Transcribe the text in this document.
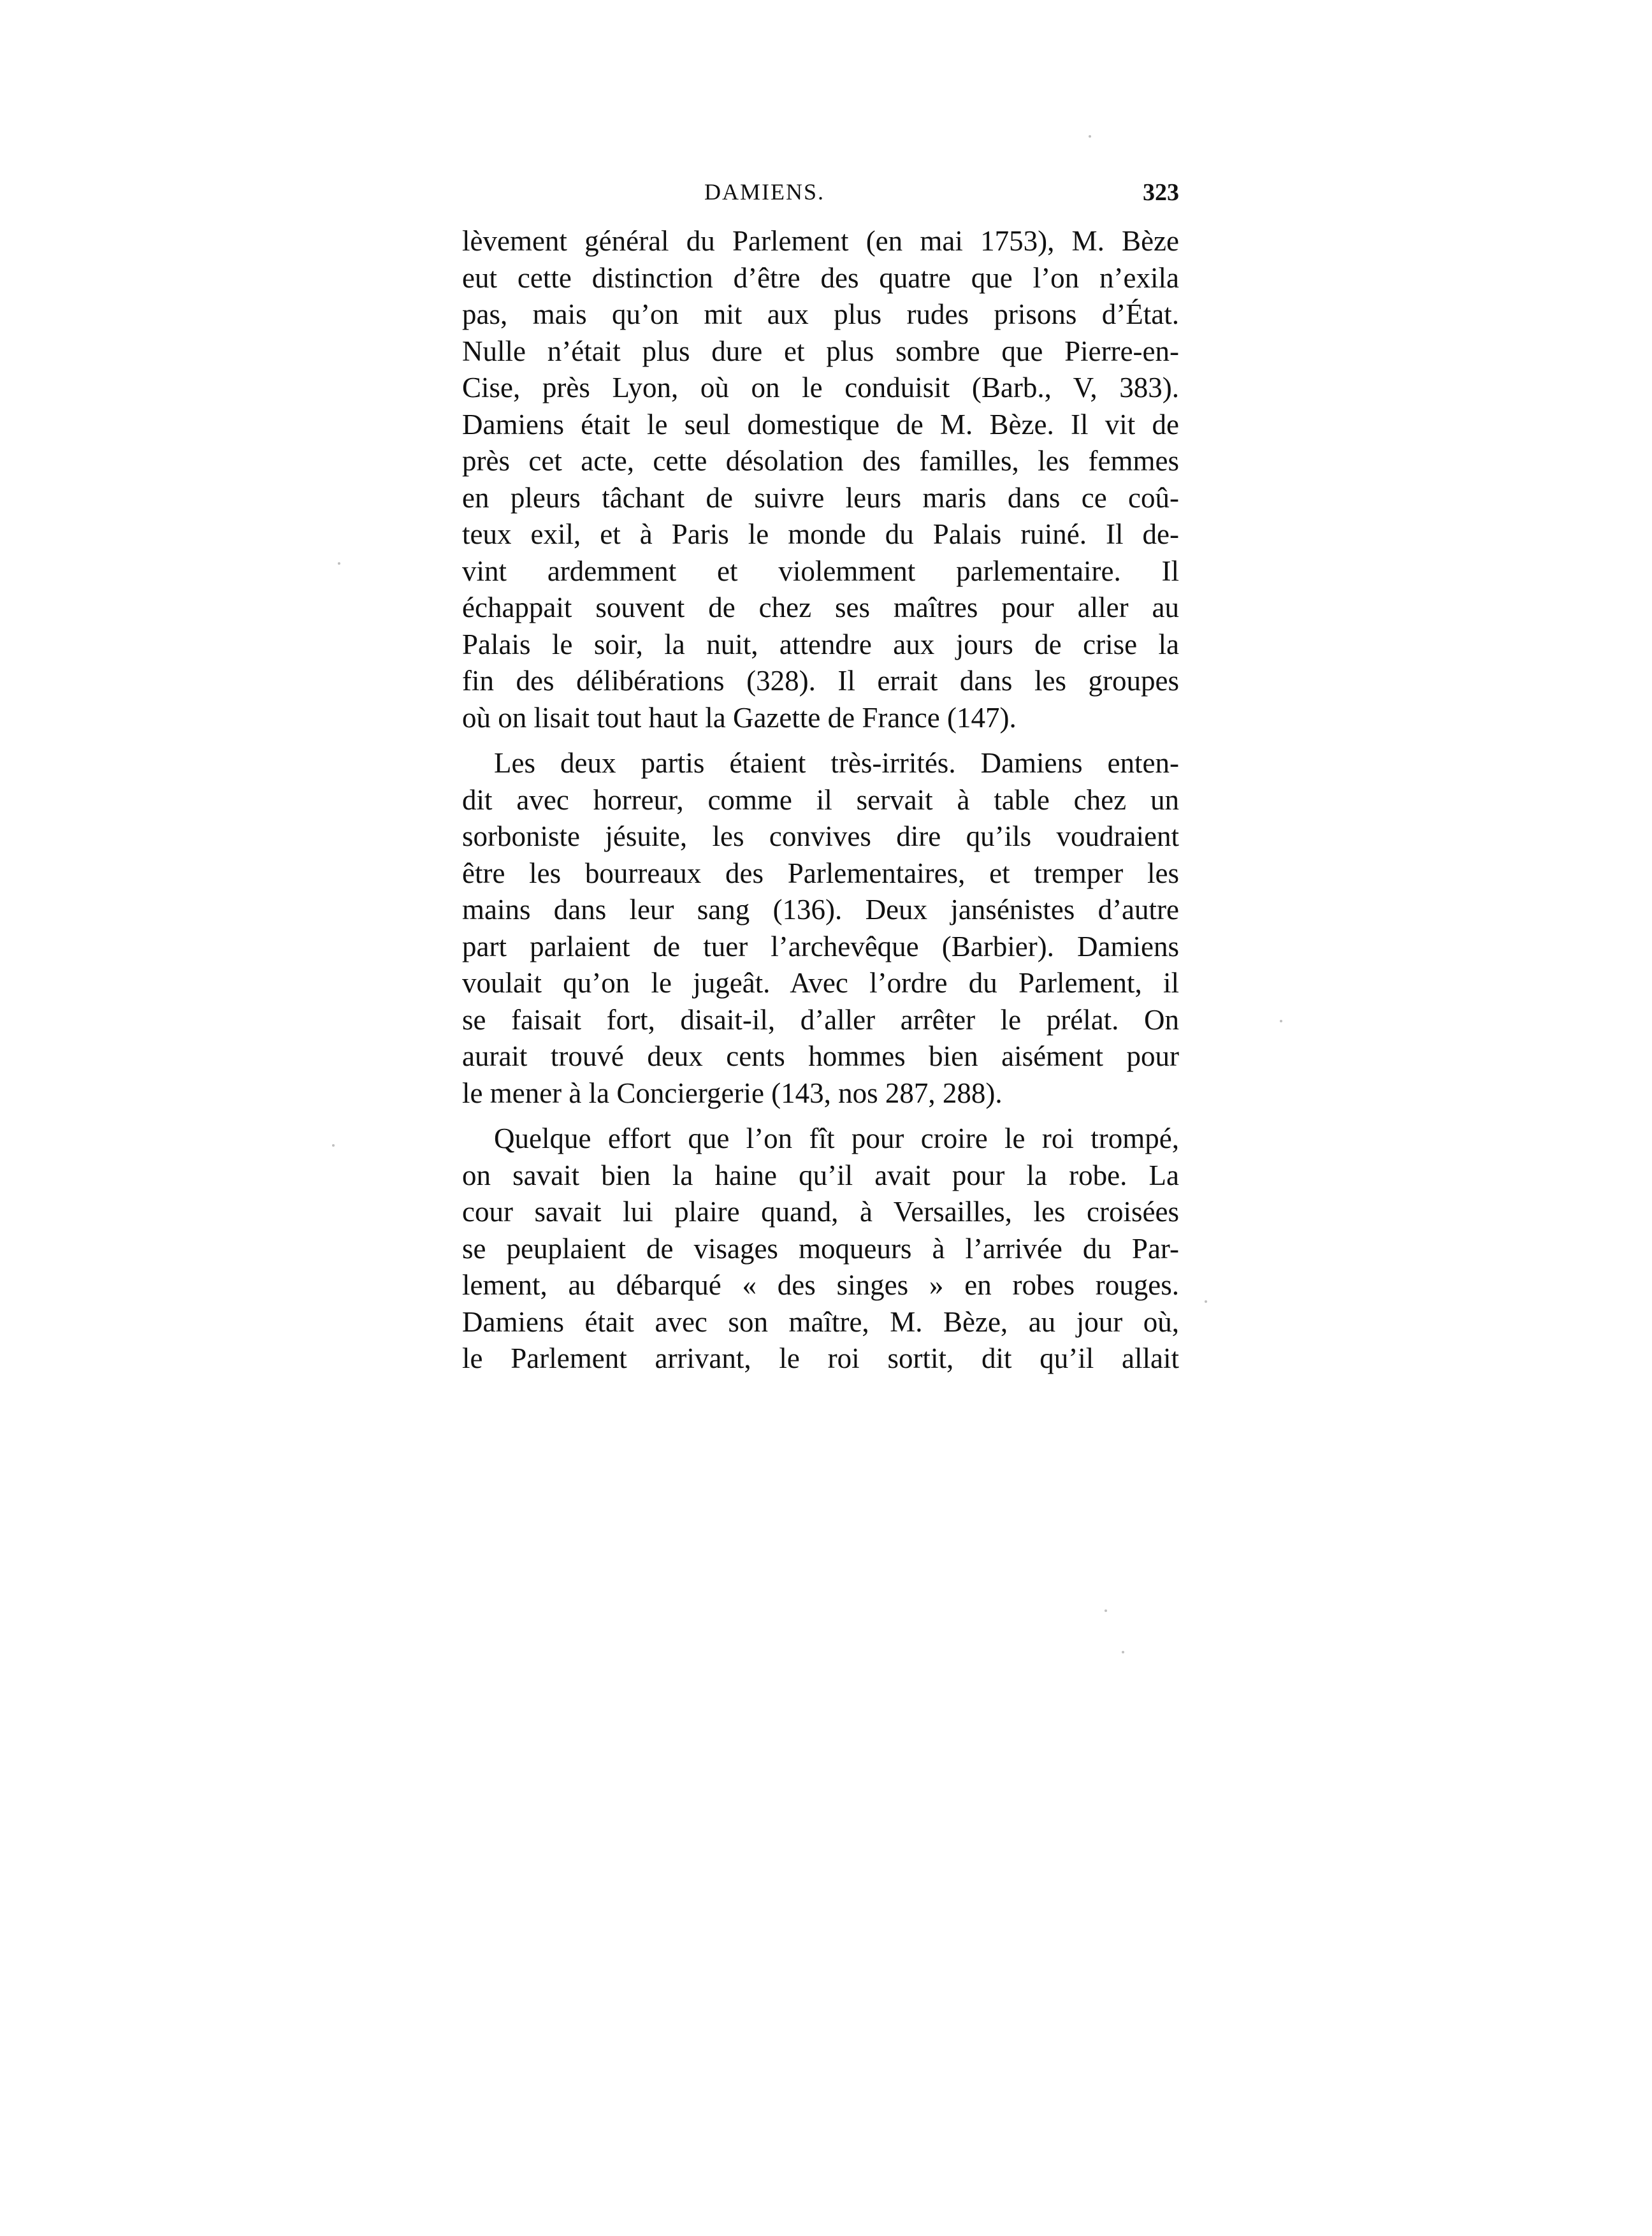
DAMIENS.	323
lèvement général du Parlement (en mai 1753), M. Bèze
eut cette distinction d’être des quatre que l’on n’exila
pas, mais qu’on mit aux plus rudes prisons d’État.
Nulle n’était plus dure et plus sombre que Pierre-en-
Cise, près Lyon, où on le conduisit (Barb., V, 383).
Damiens était le seul domestique de M. Bèze. Il vit de
près cet acte, cette désolation des familles, les femmes
en pleurs tâchant de suivre leurs maris dans ce coû-
teux exil, et à Paris le monde du Palais ruiné. Il de-
vint ardemment et violemment parlementaire. Il
échappait souvent de chez ses maîtres pour aller au
Palais le soir, la nuit, attendre aux jours de crise la
fin des délibérations (328). Il errait dans les groupes
où on lisait tout haut la Gazette de France (147).
Les deux partis étaient très-irrités. Damiens enten-
dit avec horreur, comme il servait à table chez un
sorboniste jésuite, les convives dire qu’ils voudraient
être les bourreaux des Parlementaires, et tremper les
mains dans leur sang (136). Deux jansénistes d’autre
part parlaient de tuer l’archevêque (Barbier). Damiens
voulait qu’on le jugeât. Avec l’ordre du Parlement, il
se faisait fort, disait-il, d’aller arrêter le prélat. On
aurait trouvé deux cents hommes bien aisément pour
le mener à la Conciergerie (143, nos 287, 288).
Quelque effort que l’on fît pour croire le roi trompé,
on savait bien la haine qu’il avait pour la robe. La
cour savait lui plaire quand, à Versailles, les croisées
se peuplaient de visages moqueurs à l’arrivée du Par-
lement, au débarqué « des singes » en robes rouges.
Damiens était avec son maître, M. Bèze, au jour où,
le Parlement arrivant, le roi sortit, dit qu’il allait
